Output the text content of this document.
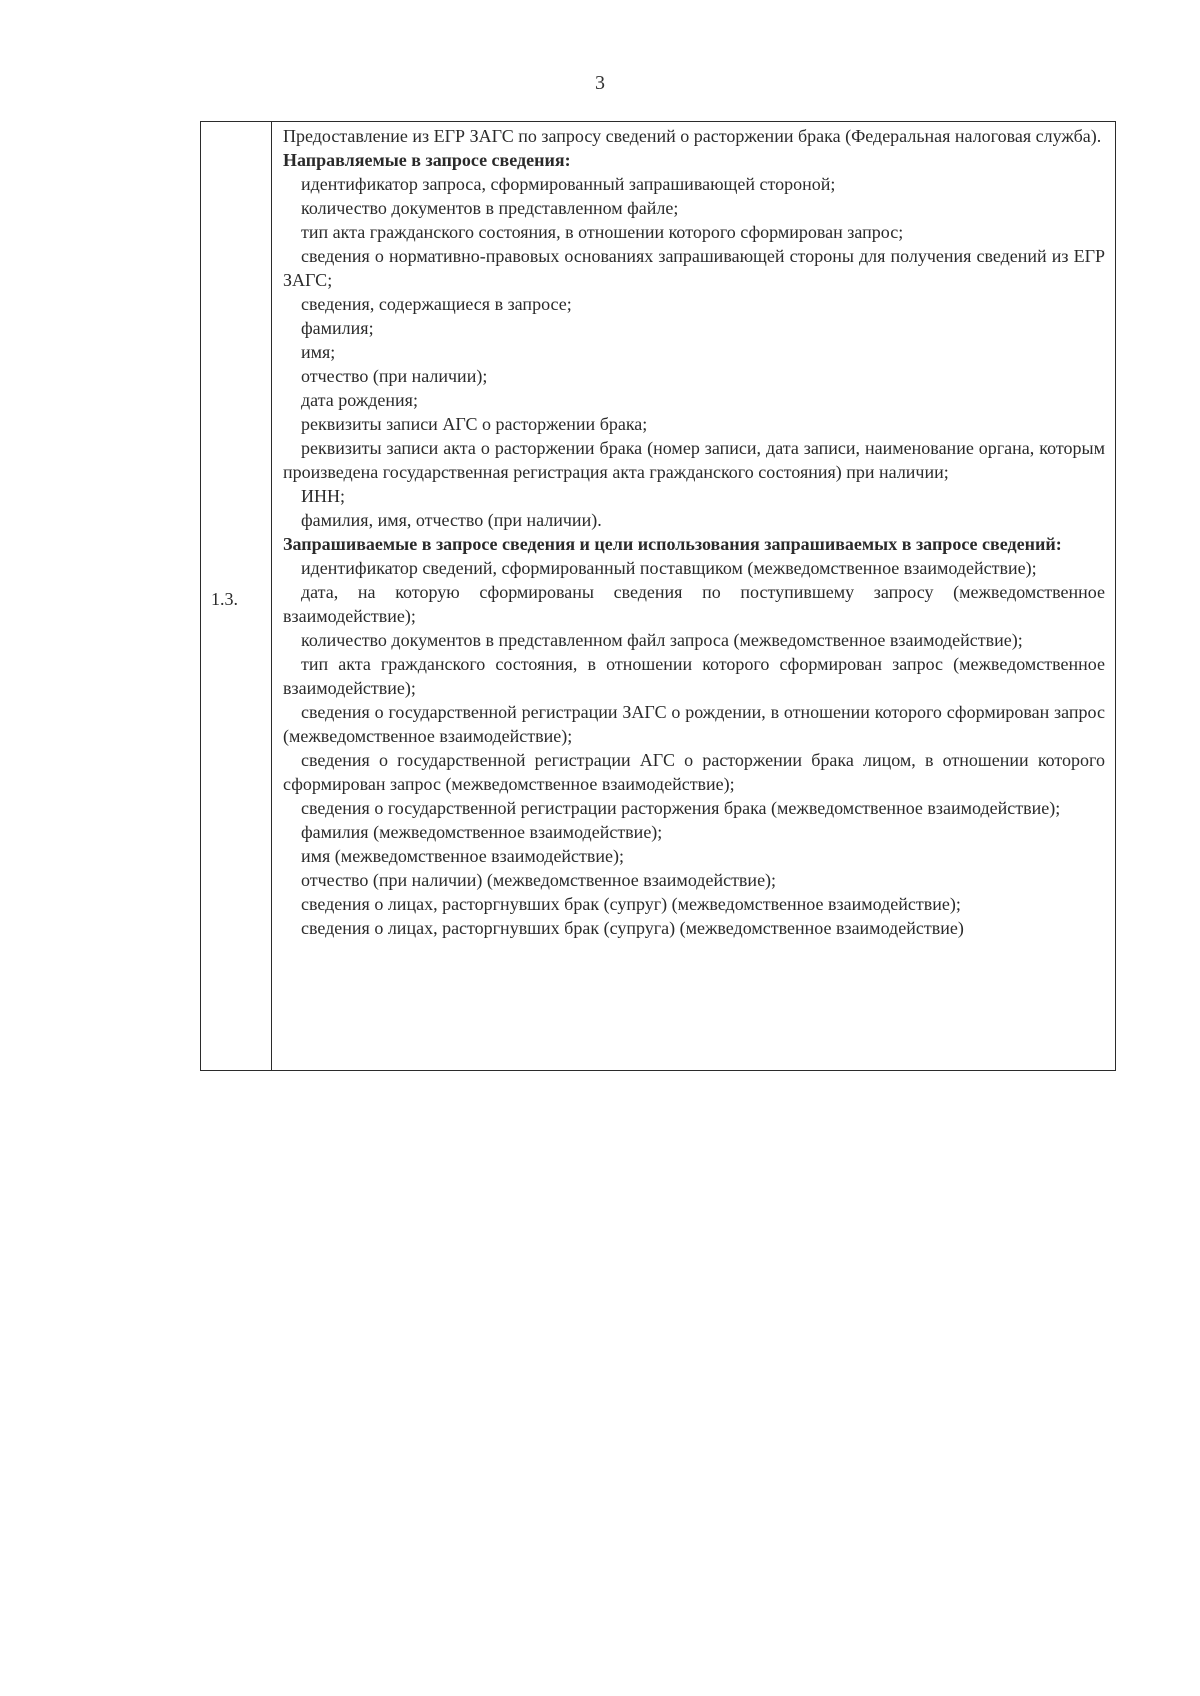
3
1.3.

Предоставление из ЕГР ЗАГС по запросу сведений о расторжении брака (Федеральная налоговая служба).

Направляемые в запросе сведения:

идентификатор запроса, сформированный запрашивающей стороной;

количество документов в представленном файле;

тип акта гражданского состояния, в отношении которого сформирован запрос;

сведения о нормативно-правовых основаниях запрашивающей стороны для получения сведений из ЕГР ЗАГС;

сведения, содержащиеся в запросе;

фамилия;

имя;

отчество (при наличии);

дата рождения;

реквизиты записи АГС о расторжении брака;

реквизиты записи акта о расторжении брака (номер записи, дата записи, наименование органа, которым произведена государственная регистрация акта гражданского состояния) при наличии;

ИНН;

фамилия, имя, отчество (при наличии).

Запрашиваемые в запросе сведения и цели использования запрашиваемых в запросе сведений:

идентификатор сведений, сформированный поставщиком (межведомственное взаимодействие);

дата, на которую сформированы сведения по поступившему запросу (межведомственное взаимодействие);

количество документов в представленном файл запроса (межведомственное взаимодействие);

тип акта гражданского состояния, в отношении которого сформирован запрос (межведомственное взаимодействие);

сведения о государственной регистрации ЗАГС о рождении, в отношении которого сформирован запрос (межведомственное взаимодействие);

сведения о государственной регистрации АГС о расторжении брака лицом, в отношении которого сформирован запрос (межведомственное взаимодействие);

сведения о государственной регистрации расторжения брака (межведомственное взаимодействие);

фамилия (межведомственное взаимодействие);

имя (межведомственное взаимодействие);

отчество (при наличии) (межведомственное взаимодействие);

сведения о лицах, расторгнувших брак (супруг) (межведомственное взаимодействие);

сведения о лицах, расторгнувших брак (супруга) (межведомственное взаимодействие)
